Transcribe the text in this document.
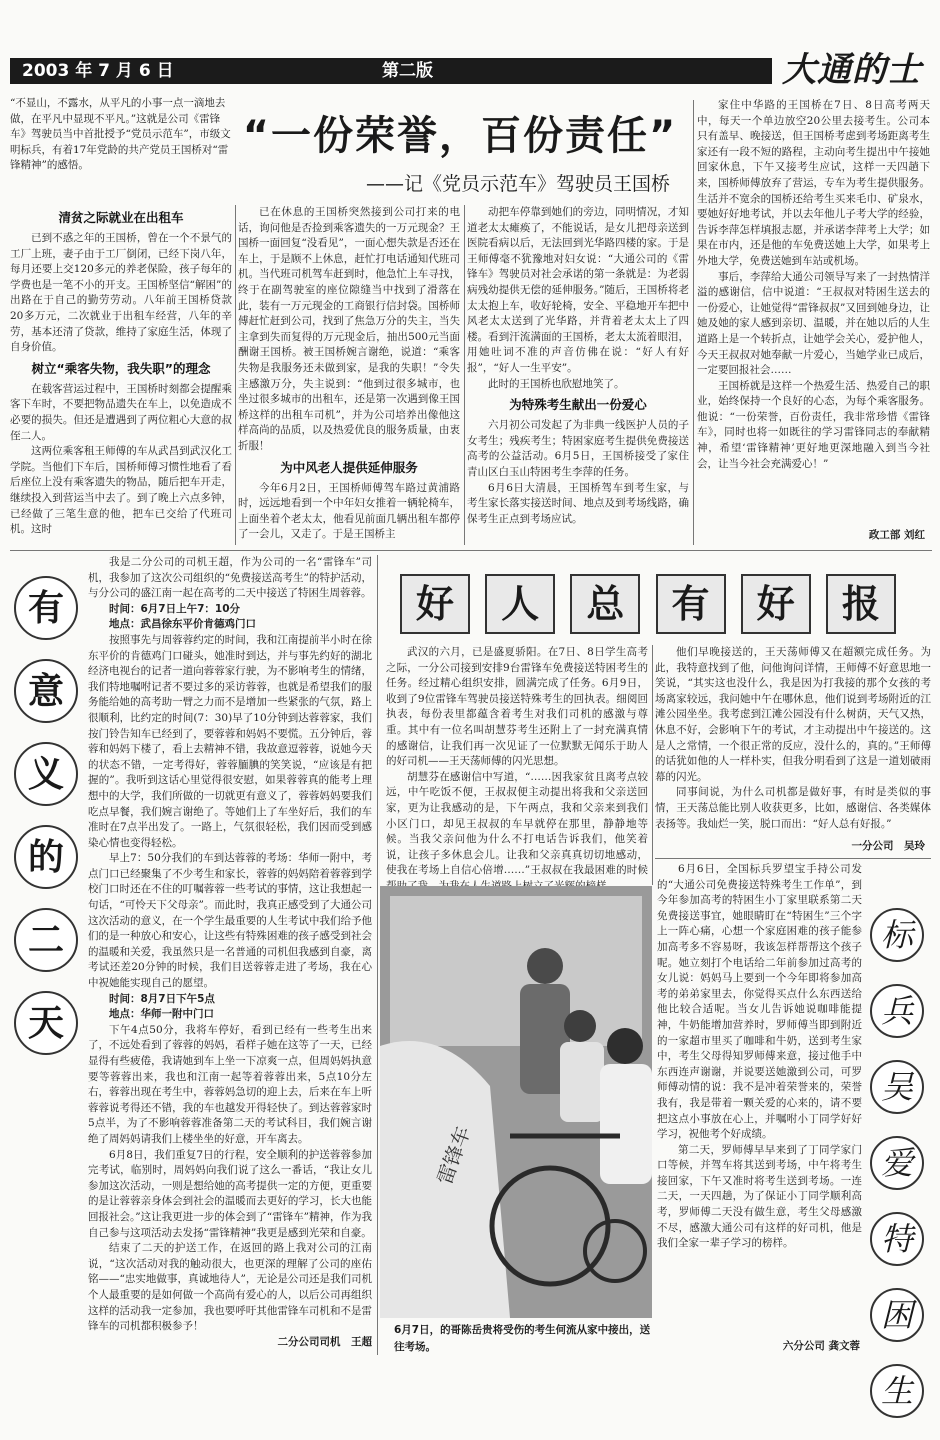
2003 年 7 月 6 日	第二版	大通的士
“不显山，不露水，从平凡的小事一点一滴地去做，在平凡中显现不平凡。”这就是公司《雷锋车》驾驶员当中首批授予“党员示范车”，市级文明标兵，有着17年党龄的共产党员王国桥对“雷锋精神”的感悟。
“一份荣誉，百份责任”
——记《党员示范车》驾驶员王国桥
清贫之际就业在出租车
已到不惑之年的王国桥，曾在一个不景气的工厂上班，妻子由于工厂倒闭，已经下岗八年，每月还要上交120多元的养老保险，孩子每年的学费也是一笔不小的开支。王国桥坚信“解困”的出路在于自己的勤劳劳动。八年前王国桥贷款20多万元，二次就业于出租车经营，八年的辛劳，基本还清了贷款，维持了家庭生活，体现了自身价值。
树立“乘客失物，我失职”的理念
在载客营运过程中，王国桥时刻都会提醒乘客下车时，不要把物品遗失在车上，以免造成不必要的损失。但还是遭遇到了两位粗心大意的叔侄二人。
这两位乘客租王师傅的车从武昌到武汉化工学院。当他们下车后，国桥师傅习惯性地看了看后座位上没有乘客遗失的物品，随后把车开走，继续投入到营运当中去了。到了晚上六点多钟，已经做了三笔生意的他，把车已交给了代班司机。这时
已在休息的王国桥突然接到公司打来的电话，询问他是否捡到乘客遗失的一万元现金？王国桥一面回复“没看见”，一面心想失款是否还在车上，于是顾不上休息，赶忙打电话通知代班司机。当代班司机驾车赶到时，他急忙上车寻找，终于在副驾驶室的座位隙缝当中找到了滑落在此，装有一万元现金的工商银行信封袋。国桥师傅赶忙赶到公司，找到了焦急万分的失主，当失主拿到失而复得的万元现金后，抽出500元当面酬谢王国桥。被王国桥婉言谢绝，说道：“乘客失物是我服务还未做到家，是我的失职！”令失主感激万分，失主说到：“他到过很多城市，也坐过很多城市的出租车，还是第一次遇到像王国桥这样的出租车司机”，并为公司培养出像他这样高尚的品质，以及热爱优良的服务质量，由衷折服！
为中风老人提供延伸服务
今年6月2日，王国桥师傅驾车路过黄浦路时，远远地看到一个中年妇女推着一辆轮椅车，上面坐着个老太太，他看见前面几辆出租车都停了一会儿，又走了。于是王国桥主
动把车停靠到她们的旁边，同明情况，才知道老太太瘫痪了，不能说话，是女儿把母亲送到医院看病以后，无法回到光华路四楼的家。于是王师傅毫不犹豫地对妇女说：“大通公司的《雷锋车》驾驶员对社会承诺的第一条就是：为老弱病残幼提供无偿的延伸服务。”随后，王国桥将老太太抱上车，收好轮椅，安全、平稳地开车把中风老太太送到了光华路，并背着老太太上了四楼。看到汗流满面的王国桥，老太太流着眼泪，用她吐词不准的声音仿佛在说：“好人有好报”，“好人一生平安”。
此时的王国桥也欣慰地笑了。
为特殊考生献出一份爱心
六月初公司发起了为非典一线医护人员的子女考生；残疾考生；特困家庭考生提供免费接送高考的公益活动。6月5日，王国桥接受了家住青山区白玉山特困考生李萍的任务。
6月6日大清晨，王国桥驾车到考生家，与考生家长落实接送时间、地点及到考场线路，确保考生正点到考场应试。
家住中华路的王国桥在7日、8日高考两天中，每天一个单边放空20公里去接考生。公司本只有盖早、晚接送，但王国桥考虑到考场距离考生家还有一段不短的路程，主动向考生提出中午接她回家休息，下午又接考生应试，这样一天四趟下来，国桥师傅放弃了营运，专车为考生提供服务。生活并不宽余的国桥还给考生买来毛巾、矿泉水，要她好好地考试，并以去年他儿子考大学的经验，告诉李萍怎样填报志愿，并承诺李萍考上大学；如果在市内，还是他的车免费送她上大学，如果考上外地大学，免费送她到车站或机场。
事后，李萍给大通公司领导写来了一封热情洋溢的感谢信，信中说道：“王叔叔对特困生送去的一份爱心，让她觉得“雷锋叔叔”又回到她身边，让她及她的家人感到亲切、温暖，并在她以后的人生道路上是一个转折点，让她学会关心，爱护他人，今天王叔叔对她奉献一片爱心，当她学业已成后，一定要回报社会……
王国桥就是这样一个热爱生活、热爱自己的职业，始终保持一个良好的心态，为每个乘客服务。他说：“一份荣誉，百份责任，我非常珍惜《雷锋车》，同时也将一如既往的学习雷锋同志的奉献精神，希望‘雷锋精神’更好地更深地融入到当今社会，让当今社会充满爱心！”
政工部 刘红
有
意
义
的
二
天
我是二分公司的司机王超，作为公司的一名“雷锋车”司机，我参加了这次公司组织的“免费接送高考生”的特护活动，与分公司的盛江南一起在高考的二天中接送了特困生周蓉蓉。
时间：6月7日上午7：10分
地点：武昌徐东平价肯德鸡门口
按照事先与周蓉蓉约定的时间，我和江南提前半小时在徐东平价的肯德鸡门口碰头，她准时到达，并与事先约好的湖北经济电视台的记者一道向蓉蓉家行驶，为不影响考生的情绪，我们特地嘱咐记者不要过多的采访蓉蓉，也就是希望我们的服务能给她的高考助一臂之力而不是增加一些紧张的气氛，路上很顺利，比约定的时间(7：30)早了10分钟到达蓉蓉家，我们按门铃告知车已经到了，要蓉蓉和妈妈不要慌。五分钟后，蓉蓉和妈妈下楼了，看上去精神不错，我故意逗蓉蓉，说她今天的状态不错，一定考得好，蓉蓉腼腆的笑笑说，“应该是有把握的”。我听到这话心里觉得很安慰，如果蓉蓉真的能考上理想中的大学，我们所做的一切就更有意义了，蓉蓉妈妈要我们吃点早餐，我们婉言谢绝了。等她们上了车坐好后，我们的车准时在7点半出发了。一路上，气氛很轻松，我们因而受到感染心情也变得轻松。
早上7：50分我们的车到达蓉蓉的考场：华师一附中，考点门口已经聚集了不少考生和家长，蓉蓉的妈妈陪着蓉蓉到学校门口时还在不住的叮嘱蓉蓉一些考试的事情，这让我想起一句话，“可怜天下父母亲”。而此时，我真正感受到了大通公司这次活动的意义，在一个学生最重要的人生考试中我们给予他们的是一种放心和安心，让这些有特殊困难的孩子感受到社会的温暖和关爱，我虽然只是一名普通的司机但我感到自豪，离考试还差20分钟的时候，我们目送蓉蓉走进了考场，我在心中祝她能实现自己的愿望。
时间：8月7日下午5点
地点：华师一附中门口
下午4点50分，我将车停好，看到已经有一些考生出来了，不远处看到了蓉蓉的妈妈，看样子她在这等了一天，已经显得有些疲倦，我请她到车上坐一下凉爽一点，但周妈妈执意要等蓉蓉出来，我也和江南一起等着蓉蓉出来，5点10分左右，蓉蓉出现在考生中，蓉蓉妈急切的迎上去，后来在车上听蓉蓉说考得还不错，我的车也越发开得轻快了。到达蓉蓉家时5点半，为了不影响蓉蓉准备第二天的考试科目，我们婉言谢绝了周妈妈请我们上楼坐坐的好意，开车离去。
6月8日，我们重复7日的行程，安全顺利的护送蓉蓉参加完考试，临别时，周妈妈向我们说了这么一番话，“我让女儿参加这次活动，一则是想给她的高考提供一定的方便，更重要的是让蓉蓉亲身体会到社会的温暖而去更好的学习，长大也能回报社会。”这让我更进一步的体会到了“雷锋车”精神，作为我自己参与这项活动去发扬“雷锋精神”我更是感到光荣和自豪。
结束了二天的护送工作，在返回的路上我对公司的江南说，“这次活动对我的触动很大，也更深的理解了公司的座佑铭——“忠实地做事，真诚地待人”，无论是公司还是我们司机个人最重要的是如何做一个高尚有爱心的人，以后公司再组织这样的活动我一定参加，我也要呼吁其他雷锋车司机和不是雷锋车的司机都积极参予！
二分公司司机　王超
好	人	总	有	好	报
武汉的六月，已是盛夏骄阳。在7日、8日学生高考之际，一分公司接到安排9台雷锋车免费接送特困考生的任务。经过精心组织安排，圆满完成了任务。6月9日，收到了9位雷锋车驾驶员接送特殊考生的回执表。细阅回执表，每份表里都蕴含着考生对我们司机的感激与尊重。其中有一位名叫胡慧芬考生还附上了一封充满真情的感谢信，让我们再一次见证了一位默默无闻乐于助人的好司机——王天荡师傅的闪光思想。
胡慧芬在感谢信中写道，“……因我家贫且离考点较远，中午吃饭不便，王叔叔便主动提出将我和父亲送回家，更为让我感动的是，下午两点，我和父亲来到我们小区门口，却见王叔叔的车早就停在那里，静静地等候。当我父亲问他为什么不打电话告诉我们，他笑着说，让孩子多休息会儿。让我和父亲真真切切地感动，使我在考场上自信心倍增……”王叔叔在我最困难的时候
他们早晚接送的，王天荡师傅又在超额完成任务。为此，我特意找到了他，问他询问详情，王师傅不好意思地一笑说，“其实这也没什么，我是因为打我接的那个女孩的考场离家较远，我问她中午在哪休息，他们说到考场附近的江滩公园坐坐。我考虑到江滩公园没有什么树荫，天气又热，休息不好，会影响下午的考试，才主动提出中午接送的。这是人之常情，一个很正常的反应，没什么的，真的。”王师傅的话犹如他的人一样朴实，但我分明看到了这是一道划破雨幕的闪光。
同事间说，为什么司机都是做好事，有时是类似的事情，王天荡总能比别人收获更多，比如，感谢信、各类媒体表扬等。我灿烂一笑，脱口而出：“好人总有好报。”
一分公司　吴玲
雷锋车
6月7日，的哥陈岳贵将受伤的考生何流从家中接出，送往考场。
6月6日，全国标兵罗望宝手持公司发的“大通公司免费接送特殊考生工作单”，到今年参加高考的特困生小丁家里联系第二天免费接送事宜，她眼睛盯在“特困生”三个字上一阵心痛，心想一个家庭困难的孩子能参加高考多不容易呀，我该怎样帮帮这个孩子呢。她立刻打个电话给二年前参加过高考的女儿说：妈妈马上要到一个今年即将参加高考的弟弟家里去，你觉得买点什么东西送给他比较合适呢。当女儿告诉她说咖啡能提神，牛奶能增加营养时，罗师傅当即到附近的一家超市里买了咖啡和牛奶，送到考生家中，考生父母得知罗师傅来意，接过他手中东西连声谢谢，并说要送她激到公司，可罗师傅动情的说：我不是冲着荣誉来的，荣誉我有，我是带着一颗关爱的心来的，请不要把这点小事放在心上，并嘱咐小丁同学好好学习，祝他考个好成绩。
第二天，罗师傅早早来到了丁同学家门口等候，并驾车将其送到考场，中午将考生接回家，下午又准时将考生送到考场。一连二天，一天四趟，为了保证小丁同学顺利高考，罗师傅二天没有做生意，考生父母感激不尽，感激大通公司有这样的好司机，他是我们全家一辈子学习的榜样。
六分公司 龚文蓉
标
兵
吴
爱
特
困
生
